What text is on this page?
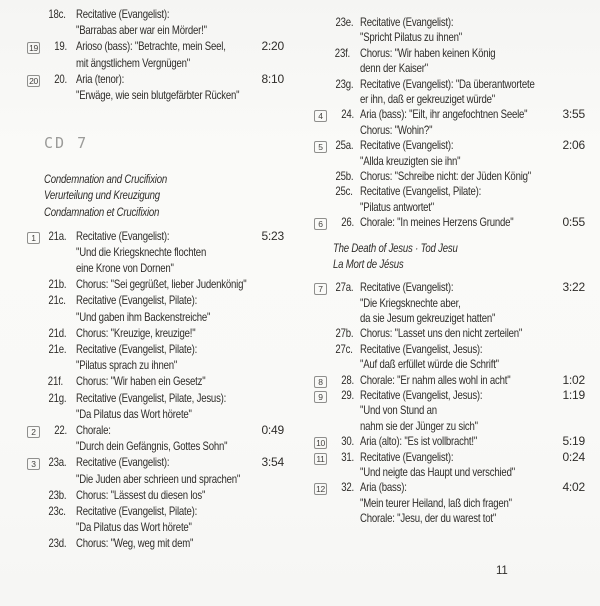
18c. Recitative (Evangelist):
"Barrabas aber war ein Mörder!"
19	19. Arioso (bass): "Betrachte, mein Seel,	2:20
mit ängstlichem Vergnügen"
20	20. Aria (tenor):	8:10
"Erwäge, wie sein blutgefärbter Rücken"
CD 7
Condemnation and Crucifixion
Verurteilung und Kreuzigung
Condamnation et Crucifixion
1	21a. Recitative (Evangelist):	5:23
"Und die Kriegsknechte flochten
eine Krone von Dornen"
21b. Chorus: "Sei gegrüßet, lieber Judenkönig"
21c. Recitative (Evangelist, Pilate):
"Und gaben ihm Backenstreiche"
21d. Chorus: "Kreuzige, kreuzige!"
21e. Recitative (Evangelist, Pilate):
"Pilatus sprach zu ihnen"
21f.	Chorus: "Wir haben ein Gesetz"
21g. Recitative (Evangelist, Pilate, Jesus):
"Da Pilatus das Wort hörete"
2	22. Chorale:	0:49
"Durch dein Gefängnis, Gottes Sohn"
3	23a. Recitative (Evangelist):	3:54
"Die Juden aber schrieen und sprachen"
23b. Chorus: "Lässest du diesen los"
23c. Recitative (Evangelist, Pilate):
"Da Pilatus das Wort hörete"
23d. Chorus: "Weg, weg mit dem"
23e. Recitative (Evangelist):
"Spricht Pilatus zu ihnen"
23f. Chorus: "Wir haben keinen König
denn der Kaiser"
23g. Recitative (Evangelist): "Da überantwortete
er ihn, daß er gekreuziget würde"
4	24. Aria (bass): "Eilt, ihr angefochtnen Seele"	3:55
Chorus: "Wohin?"
5	25a. Recitative (Evangelist):	2:06
"Allda kreuzigten sie ihn"
25b. Chorus: "Schreibe nicht: der Jüden König"
25c. Recitative (Evangelist, Pilate):
"Pilatus antwortet"
6	26. Chorale: "In meines Herzens Grunde"	0:55
The Death of Jesus · Tod Jesu
La Mort de Jésus
7	27a. Recitative (Evangelist):	3:22
"Die Kriegsknechte aber,
da sie Jesum gekreuziget hatten"
27b. Chorus: "Lasset uns den nicht zerteilen"
27c. Recitative (Evangelist, Jesus):
"Auf daß erfüllet würde die Schrift"
8	28. Chorale: "Er nahm alles wohl in acht"	1:02
9	29. Recitative (Evangelist, Jesus):	1:19
"Und von Stund an
nahm sie der Jünger zu sich"
10	30. Aria (alto): "Es ist vollbracht!"	5:19
11	31. Recitative (Evangelist):	0:24
"Und neigte das Haupt und verschied"
12	32. Aria (bass):	4:02
"Mein teurer Heiland, laß dich fragen"
Chorale: "Jesu, der du warest tot"
11
